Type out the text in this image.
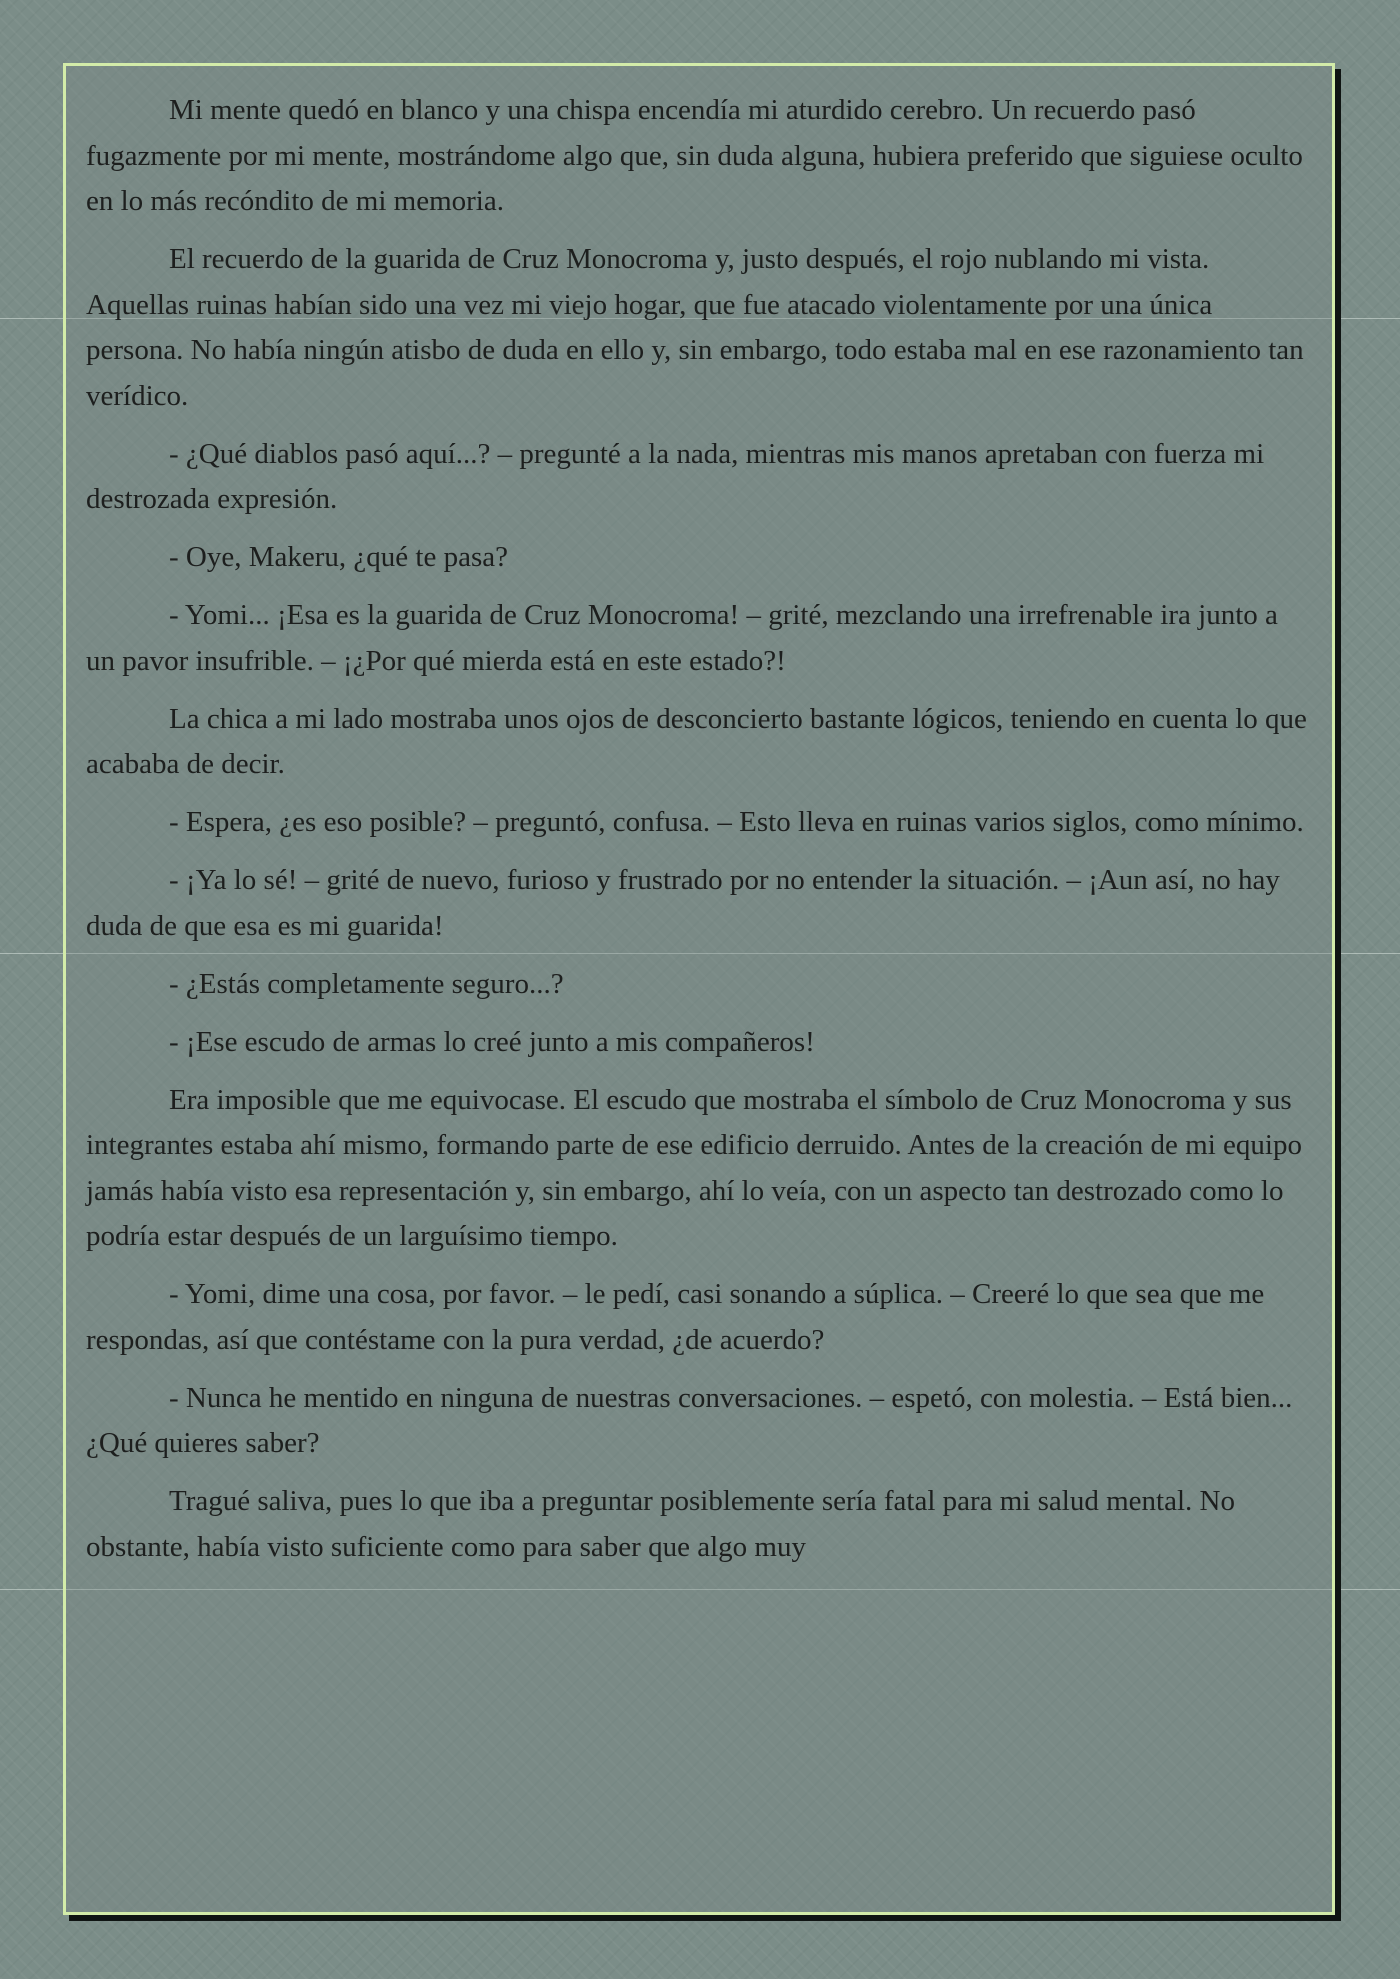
Mi mente quedó en blanco y una chispa encendía mi aturdido cerebro. Un recuerdo pasó fugazmente por mi mente, mostrándome algo que, sin duda alguna, hubiera preferido que siguiese oculto en lo más recóndito de mi memoria.

El recuerdo de la guarida de Cruz Monocroma y, justo después, el rojo nublando mi vista. Aquellas ruinas habían sido una vez mi viejo hogar, que fue atacado violentamente por una única persona. No había ningún atisbo de duda en ello y, sin embargo, todo estaba mal en ese razonamiento tan verídico.

- ¿Qué diablos pasó aquí...? – pregunté a la nada, mientras mis manos apretaban con fuerza mi destrozada expresión.

- Oye, Makeru, ¿qué te pasa?

- Yomi... ¡Esa es la guarida de Cruz Monocroma! – grité, mezclando una irrefrenable ira junto a un pavor insufrible. – ¡¿Por qué mierda está en este estado?!

La chica a mi lado mostraba unos ojos de desconcierto bastante lógicos, teniendo en cuenta lo que acababa de decir.

- Espera, ¿es eso posible? – preguntó, confusa. – Esto lleva en ruinas varios siglos, como mínimo.

- ¡Ya lo sé! – grité de nuevo, furioso y frustrado por no entender la situación. – ¡Aun así, no hay duda de que esa es mi guarida!

- ¿Estás completamente seguro...?

- ¡Ese escudo de armas lo creé junto a mis compañeros!

Era imposible que me equivocase. El escudo que mostraba el símbolo de Cruz Monocroma y sus integrantes estaba ahí mismo, formando parte de ese edificio derruido. Antes de la creación de mi equipo jamás había visto esa representación y, sin embargo, ahí lo veía, con un aspecto tan destrozado como lo podría estar después de un larguísimo tiempo.

- Yomi, dime una cosa, por favor. – le pedí, casi sonando a súplica. – Creeré lo que sea que me respondas, así que contéstame con la pura verdad, ¿de acuerdo?

- Nunca he mentido en ninguna de nuestras conversaciones. – espetó, con molestia. – Está bien... ¿Qué quieres saber?

Tragué saliva, pues lo que iba a preguntar posiblemente sería fatal para mi salud mental. No obstante, había visto suficiente como para saber que algo muy
